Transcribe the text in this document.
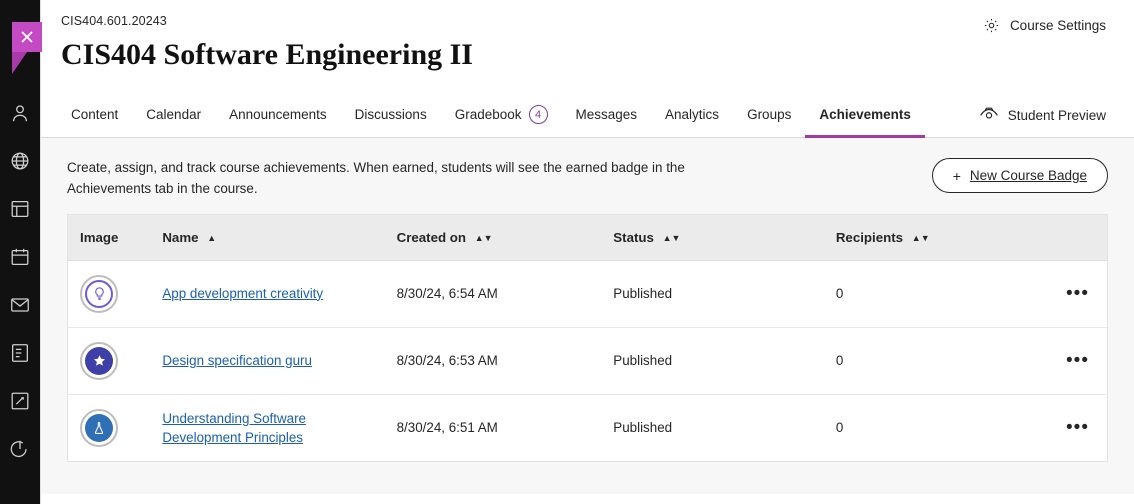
CIS404.601.20243
CIS404 Software Engineering II
Course Settings
Content Calendar Announcements Discussions Gradebook	4	Messages Analytics Groups Achievements	Student Preview
Create, assign, and track course achievements. When earned, students will see the earned badge in the Achievements tab in the course.
+ New Course Badge
Image	Name ▲	Created on ▲▼	Status ▲▼	Recipients ▲▼	

	App development creativity	8/30/24, 6:54 AM	Published	0	•••

	Design specification guru	8/30/24, 6:53 AM	Published	0	•••

	Understanding Software Development Principles	8/30/24, 6:51 AM	Published	0	•••
